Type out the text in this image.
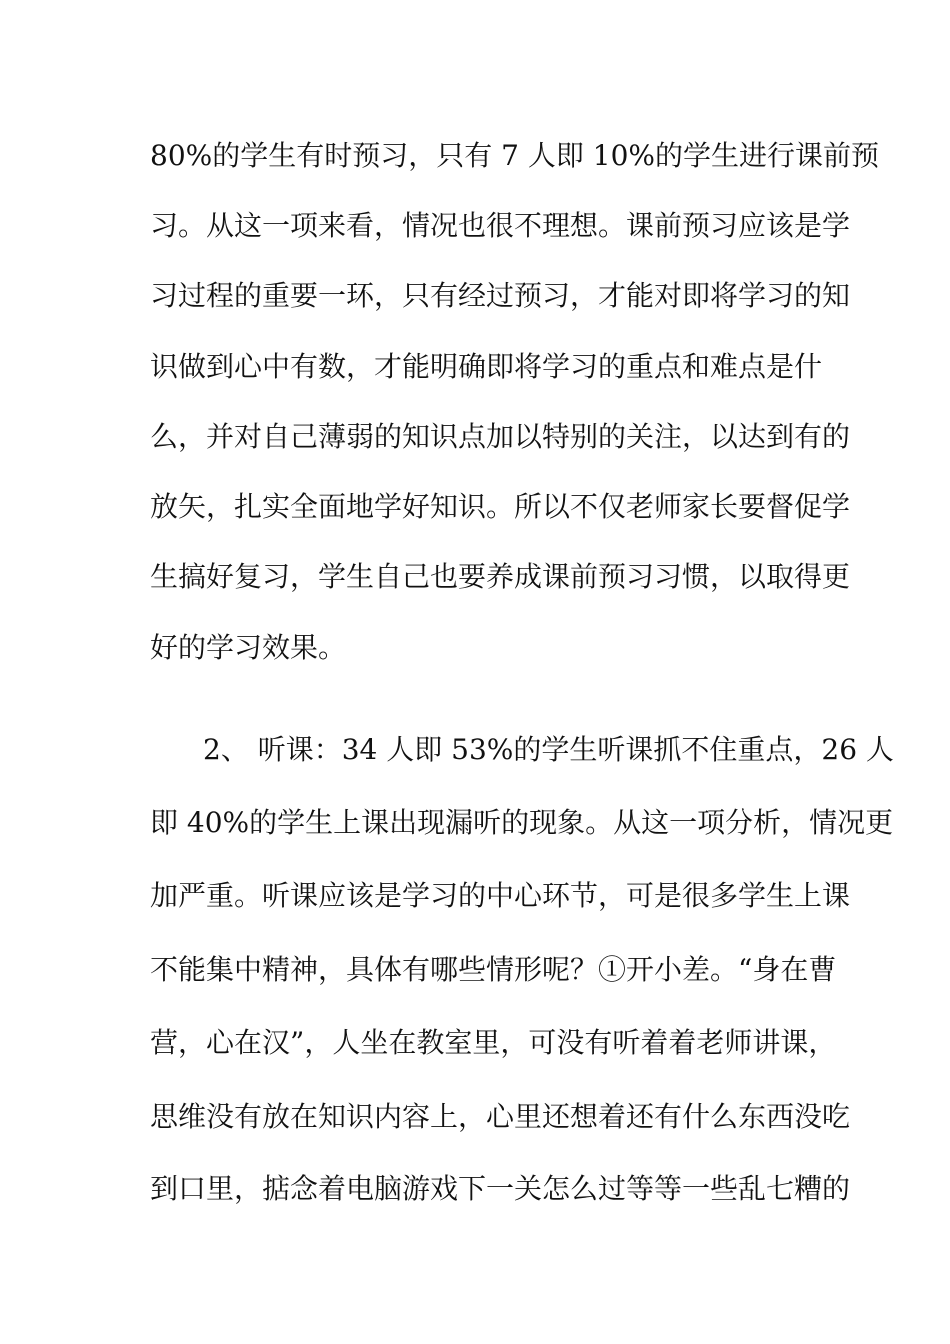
80%的学生有时预习，只有 7 人即 10%的学生进行课前预
习。从这一项来看，情况也很不理想。课前预习应该是学
习过程的重要一环，只有经过预习，才能对即将学习的知
识做到心中有数，才能明确即将学习的重点和难点是什
么，并对自己薄弱的知识点加以特别的关注，以达到有的
放矢，扎实全面地学好知识。所以不仅老师家长要督促学
生搞好复习，学生自己也要养成课前预习习惯，以取得更
好的学习效果。
2、 听课：34 人即 53%的学生听课抓不住重点，26 人
即 40%的学生上课出现漏听的现象。从这一项分析，情况更
加严重。听课应该是学习的中心环节，可是很多学生上课
不能集中精神，具体有哪些情形呢？①开小差。“身在曹
营，心在汉”，人坐在教室里，可没有听着着老师讲课，
思维没有放在知识内容上，心里还想着还有什么东西没吃
到口里，掂念着电脑游戏下一关怎么过等等一些乱七糟的
